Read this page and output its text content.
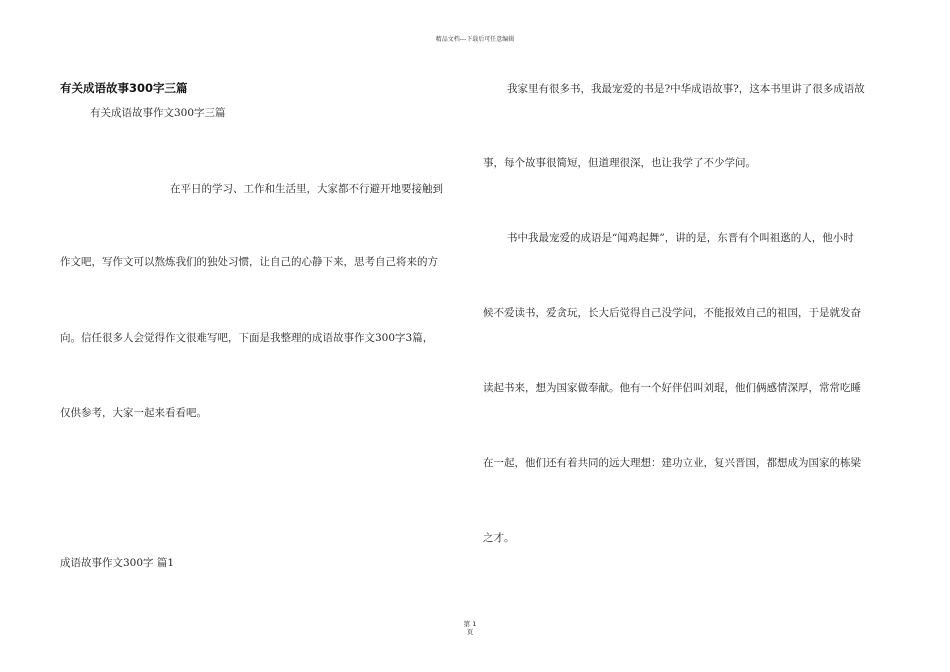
精品文档---下载后可任意编辑
有关成语故事300字三篇
有关成语故事作文300字三篇
在平日的学习、工作和生活里，大家都不行避开地要接触到
作文吧，写作文可以熬炼我们的独处习惯，让自己的心静下来，思考自己将来的方
向。信任很多人会觉得作文很难写吧，下面是我整理的成语故事作文300字3篇，
仅供参考，大家一起来看看吧。
成语故事作文300字 篇1
我家里有很多书，我最宠爱的书是?中华成语故事?，这本书里讲了很多成语故
事，每个故事很简短，但道理很深，也让我学了不少学问。
书中我最宠爱的成语是“闻鸡起舞”，讲的是，东晋有个叫祖逖的人，他小时
候不爱读书，爱贪玩，长大后觉得自己没学问，不能报效自己的祖国，于是就发奋
读起书来，想为国家做奉献。他有一个好伴侣叫刘琨，他们俩感情深厚，常常吃睡
在一起，他们还有着共同的远大理想：建功立业，复兴晋国，都想成为国家的栋梁
之才。
第 1
页
